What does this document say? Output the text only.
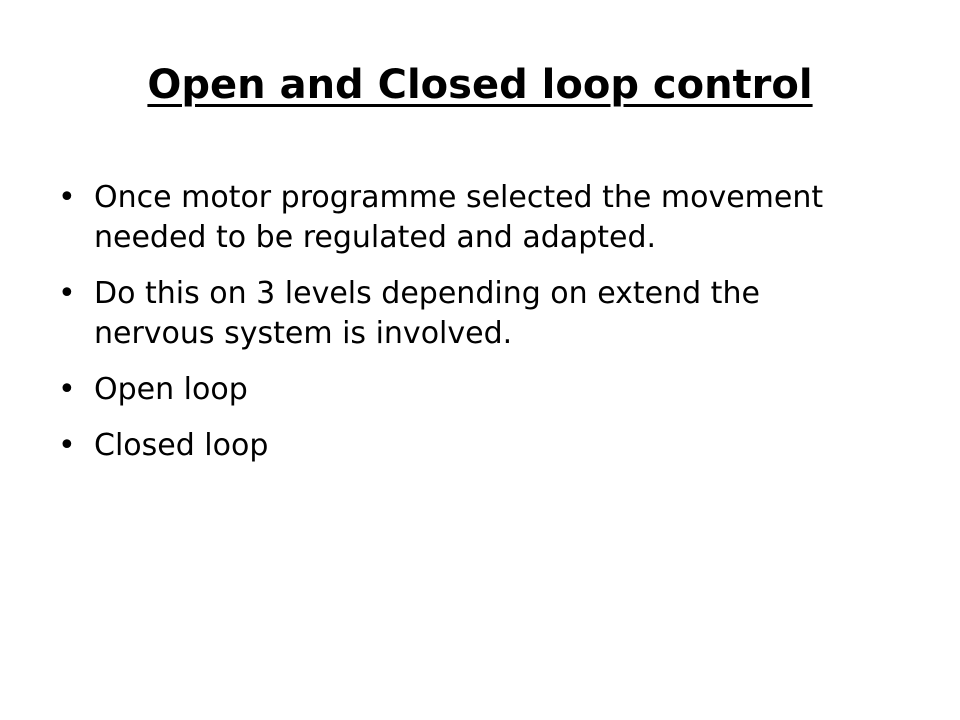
Open and Closed loop control
• Once motor programme selected the movement needed to be regulated and adapted.
• Do this on 3 levels depending on extend the nervous system is involved.
• Open loop
• Closed loop
